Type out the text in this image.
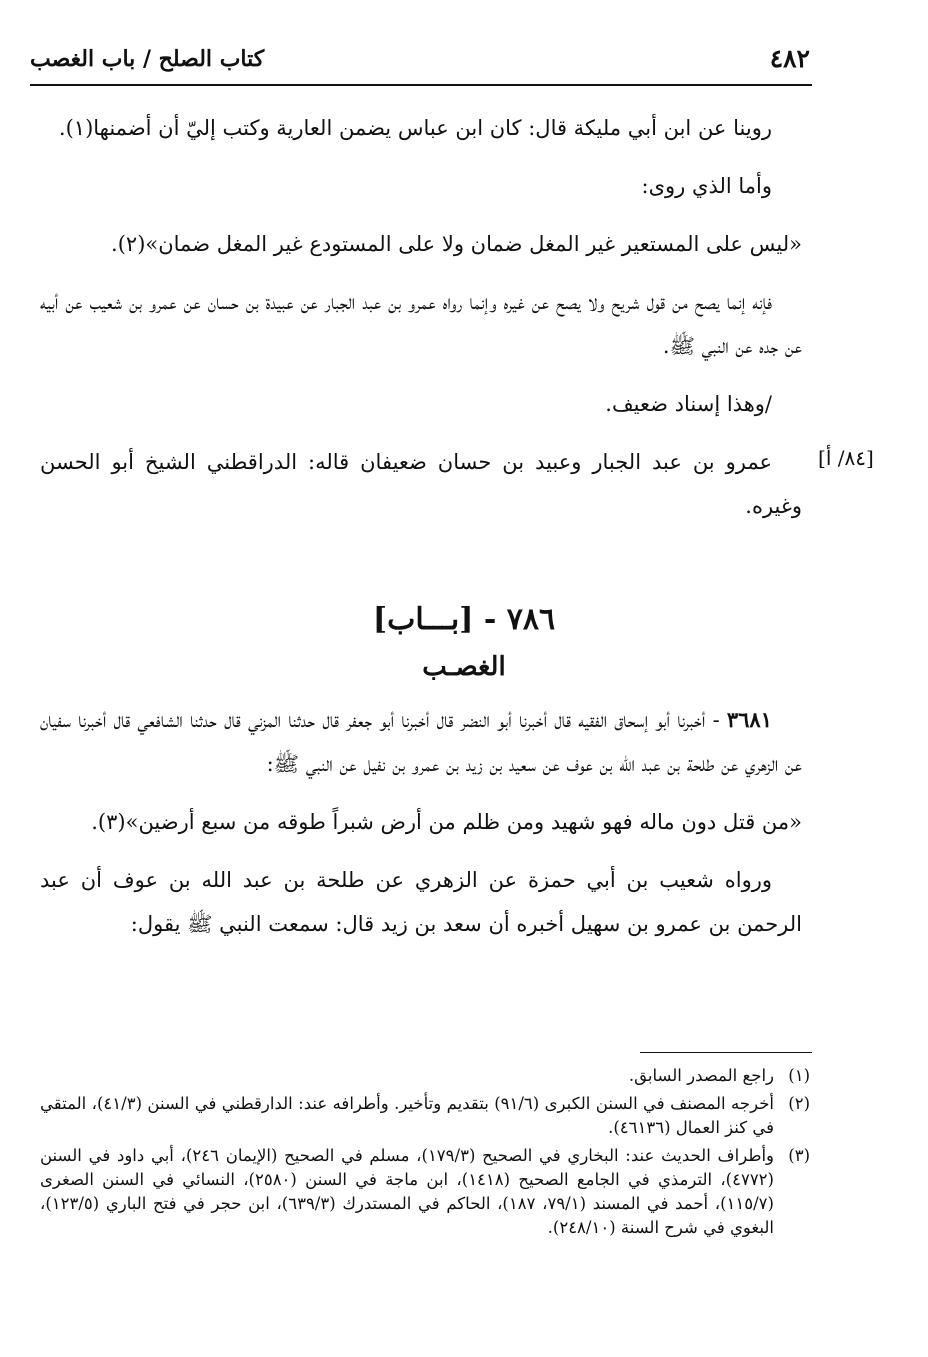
٤٨٢
كتاب الصلح / باب الغصب
[٨٤/ أ]

روينا عن ابن أبي مليكة قال: كان ابن عباس يضمن العارية وكتب إليّ أن أضمنها(١).

وأما الذي روى:

«ليس على المستعير غير المغل ضمان ولا على المستودع غير المغل ضمان»(٢).

فإنه إنما يصح من قول شريح ولا يصح عن غيره وإنما رواه عمرو بن عبد الجبار عن عبيدة بن حسان عن عمرو بن شعيب عن أبيه عن جده عن النبي ﷺ.

/وهذا إسناد ضعيف.

عمرو بن عبد الجبار وعبيد بن حسان ضعيفان قاله: الدراقطني الشيخ أبو الحسن وغيره.

٧٨٦ - [بـــاب]
الغصـب

٣٦٨١ - أخبرنا أبو إسحاق الفقيه قال أخبرنا أبو النضر قال أخبرنا أبو جعفر قال حدثنا المزني قال حدثنا الشافعي قال أخبرنا سفيان عن الزهري عن طلحة بن عبد الله بن عوف عن سعيد بن زيد بن عمرو بن نفيل عن النبي ﷺ:

«من قتل دون ماله فهو شهيد ومن ظلم من أرض شبراً طوقه من سبع أرضين»(٣).

ورواه شعيب بن أبي حمزة عن الزهري عن طلحة بن عبد الله بن عوف أن عبد الرحمن بن عمرو بن سهيل أخبره أن سعد بن زيد قال: سمعت النبي ﷺ يقول:

(١)
راجع المصدر السابق.

(٢)
أخرجه المصنف في السنن الكبرى (٩١/٦) بتقديم وتأخير. وأطرافه عند: الدارقطني في السنن (٤١/٣)، المتقي في كنز العمال (٤٦١٣٦).

(٣)
وأطراف الحديث عند: البخاري في الصحيح (١٧٩/٣)، مسلم في الصحيح (الإيمان ٢٤٦)، أبي داود في السنن (٤٧٧٢)، الترمذي في الجامع الصحيح (١٤١٨)، ابن ماجة في السنن (٢٥٨٠)، النسائي في السنن الصغرى (١١٥/٧)، أحمد في المسند (٧٩/١، ١٨٧)، الحاكم في المستدرك (٦٣٩/٣)، ابن حجر في فتح الباري (١٢٣/٥)، البغوي في شرح السنة (٢٤٨/١٠).
